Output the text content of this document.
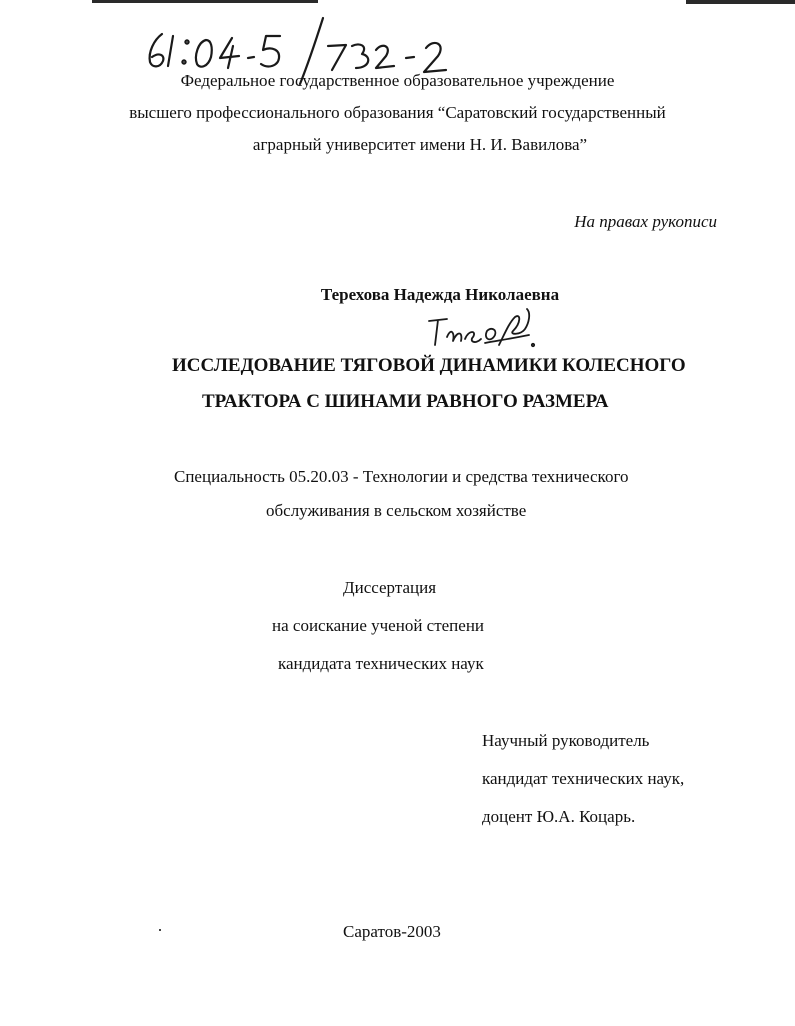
Федеральное государственное образовательное учреждение
высшего профессионального образования “Саратовский государственный
аграрный университет имени Н. И. Вавилова”
На правах рукописи
Терехова Надежда Николаевна
ИССЛЕДОВАНИЕ ТЯГОВОЙ ДИНАМИКИ КОЛЕСНОГО
ТРАКТОРА С ШИНАМИ РАВНОГО РАЗМЕРА
Специальность 05.20.03 - Технологии и средства технического
обслуживания в сельском хозяйстве
Диссертация
на соискание ученой степени
кандидата технических наук
Научный руководитель
кандидат технических наук,
доцент Ю.А. Коцарь.
Саратов-2003
